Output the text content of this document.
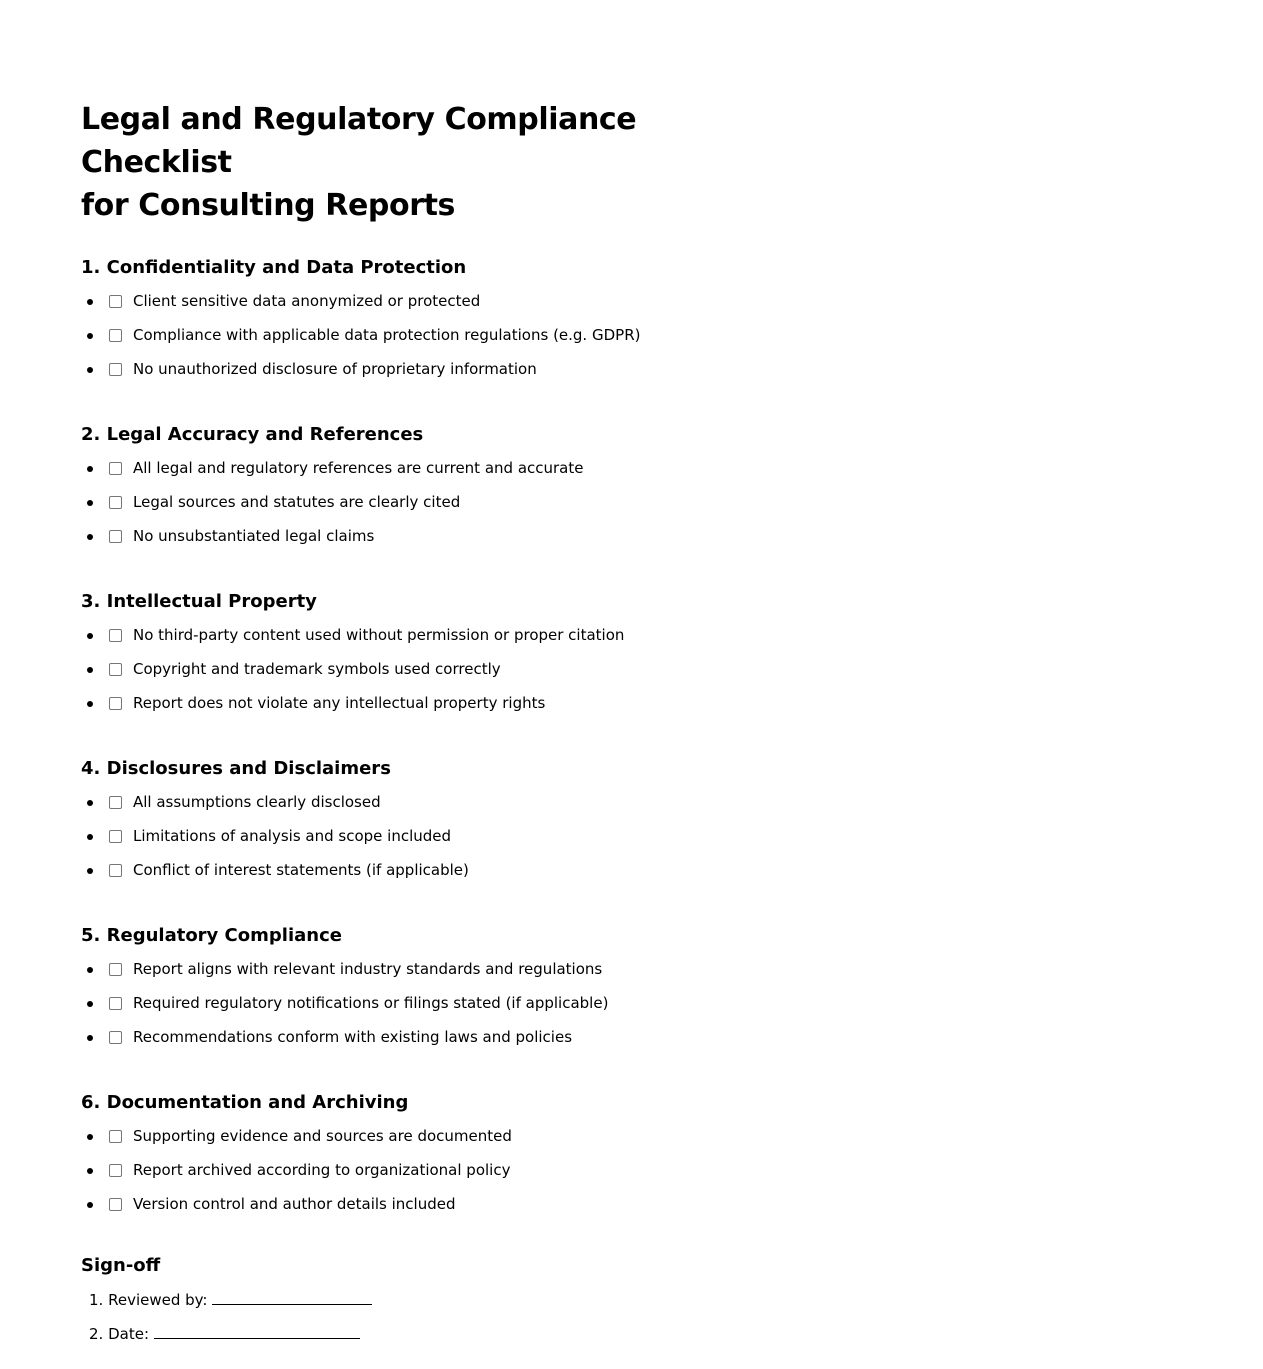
Legal and Regulatory Compliance Checklist
for Consulting Reports
1. Confidentiality and Data Protection
Client sensitive data anonymized or protected
Compliance with applicable data protection regulations (e.g. GDPR)
No unauthorized disclosure of proprietary information
2. Legal Accuracy and References
All legal and regulatory references are current and accurate
Legal sources and statutes are clearly cited
No unsubstantiated legal claims
3. Intellectual Property
No third-party content used without permission or proper citation
Copyright and trademark symbols used correctly
Report does not violate any intellectual property rights
4. Disclosures and Disclaimers
All assumptions clearly disclosed
Limitations of analysis and scope included
Conflict of interest statements (if applicable)
5. Regulatory Compliance
Report aligns with relevant industry standards and regulations
Required regulatory notifications or filings stated (if applicable)
Recommendations conform with existing laws and policies
6. Documentation and Archiving
Supporting evidence and sources are documented
Report archived according to organizational policy
Version control and author details included
Sign-off
1. Reviewed by:
2. Date:
